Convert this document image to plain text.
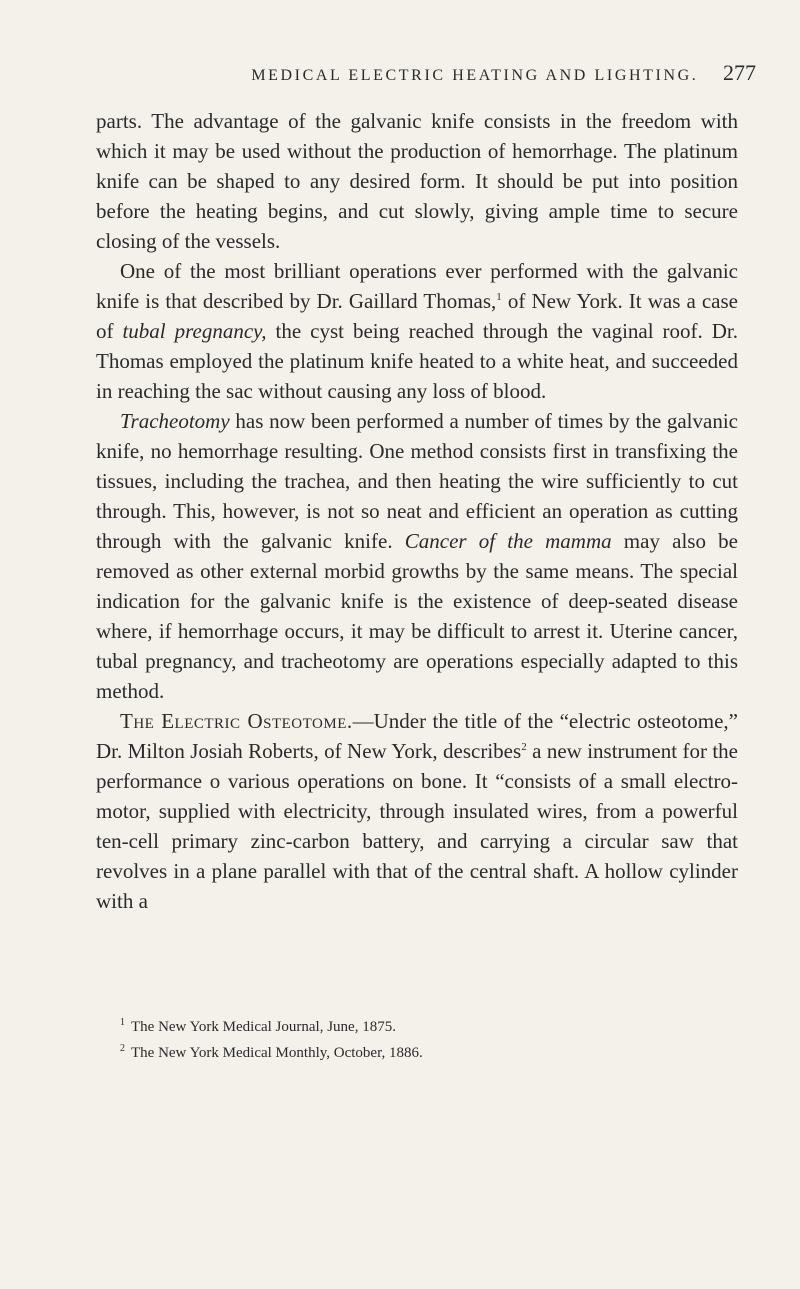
MEDICAL ELECTRIC HEATING AND LIGHTING. 277

parts. The advantage of the galvanic knife consists in the freedom with which it may be used without the production of hemorrhage. The platinum knife can be shaped to any desired form. It should be put into position before the heating begins, and cut slowly, giving ample time to secure closing of the vessels.

One of the most brilliant operations ever performed with the galvanic knife is that described by Dr. Gaillard Thomas,$^1$ of New York. It was a case of tubal pregnancy, the cyst being reached through the vaginal roof. Dr. Thomas employed the platinum knife heated to a white heat, and succeeded in reaching the sac without causing any loss of blood.

Tracheotomy has now been performed a number of times by the galvanic knife, no hemorrhage resulting. One method consists first in transfixing the tissues, including the trachea, and then heating the wire sufficiently to cut through. This, however, is not so neat and efficient an operation as cutting through with the galvanic knife. Cancer of the mamma may also be removed as other external morbid growths by the same means. The special indication for the galvanic knife is the existence of deep-seated disease where, if hemorrhage occurs, it may be difficult to arrest it. Uterine cancer, tubal pregnancy, and tracheotomy are operations especially adapted to this method.

The Electric Osteotome.—Under the title of the “electric osteotome,” Dr. Milton Josiah Roberts, of New York, describes$^2$ a new instrument for the performance o various operations on bone. It “consists of a small electro-motor, supplied with electricity, through insulated wires, from a powerful ten-cell primary zinc-carbon battery, and carrying a circular saw that revolves in a plane parallel with that of the central shaft. A hollow cylinder with a

$^1$ The New York Medical Journal, June, 1875.
$^2$ The New York Medical Monthly, October, 1886.
